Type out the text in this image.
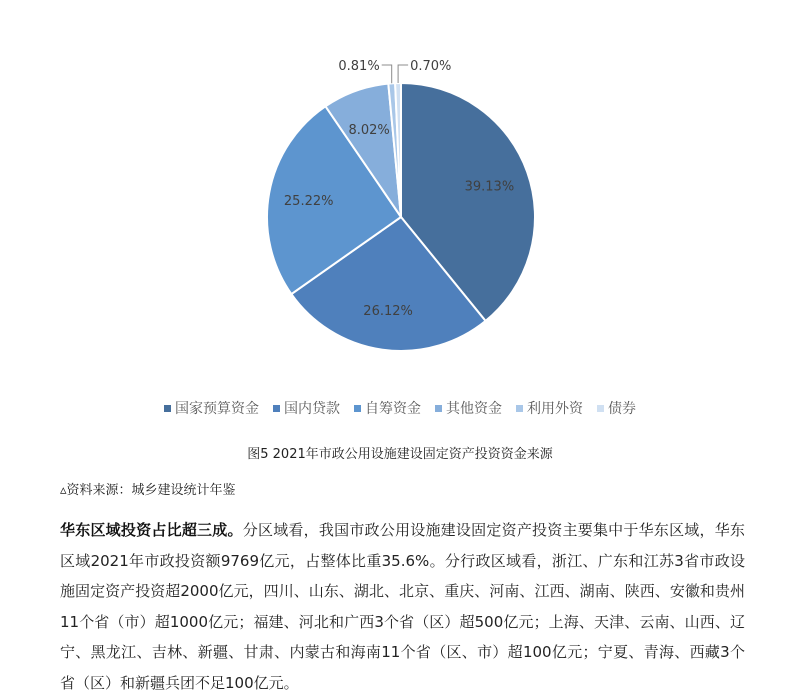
39.13%
26.12%
25.22%
8.02%
0.81% 0.70%
国家预算资金 国内贷款 自筹资金 其他资金 利用外资 债券

图5 2021年市政公用设施建设固定资产投资资金来源

▵资料来源：城乡建设统计年鉴

华东区域投资占比超三成。分区域看，我国市政公用设施建设固定资产投资主要集中于华东区域，华东区域2021年市政投资额9769亿元，占整体比重35.6%。分行政区域看，浙江、广东和江苏3省市政设施固定资产投资超2000亿元，四川、山东、湖北、北京、重庆、河南、江西、湖南、陕西、安徽和贵州11个省（市）超1000亿元；福建、河北和广西3个省（区）超500亿元；上海、天津、云南、山西、辽宁、黑龙江、吉林、新疆、甘肃、内蒙古和海南11个省（区、市）超100亿元；宁夏、青海、西藏3个省（区）和新疆兵团不足100亿元。
